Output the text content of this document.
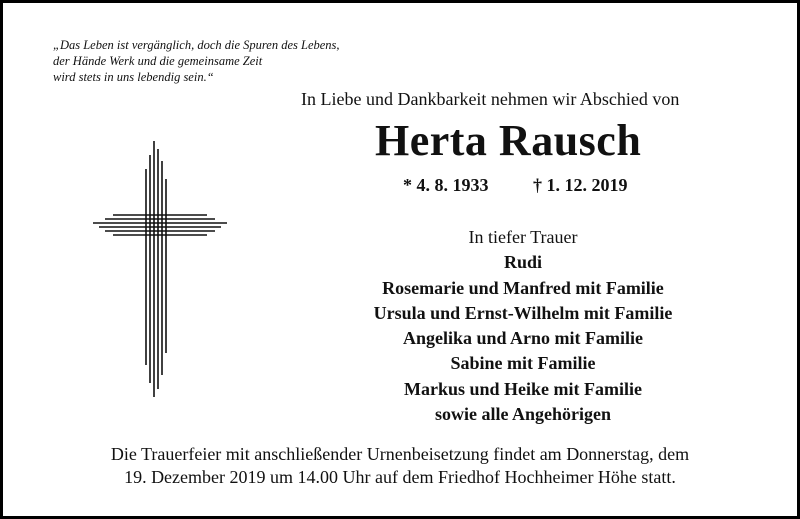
„Das Leben ist vergänglich, doch die Spuren des Lebens,
der Hände Werk und die gemeinsame Zeit
wird stets in uns lebendig sein.“
In Liebe und Dankbarkeit nehmen wir Abschied von
Herta Rausch
* 4. 8. 1933 † 1. 12. 2019
In tiefer Trauer
Rudi
Rosemarie und Manfred mit Familie
Ursula und Ernst-Wilhelm mit Familie
Angelika und Arno mit Familie
Sabine mit Familie
Markus und Heike mit Familie
sowie alle Angehörigen
Die Trauerfeier mit anschließender Urnenbeisetzung findet am Donnerstag, dem
19. Dezember 2019 um 14.00 Uhr auf dem Friedhof Hochheimer Höhe statt.
